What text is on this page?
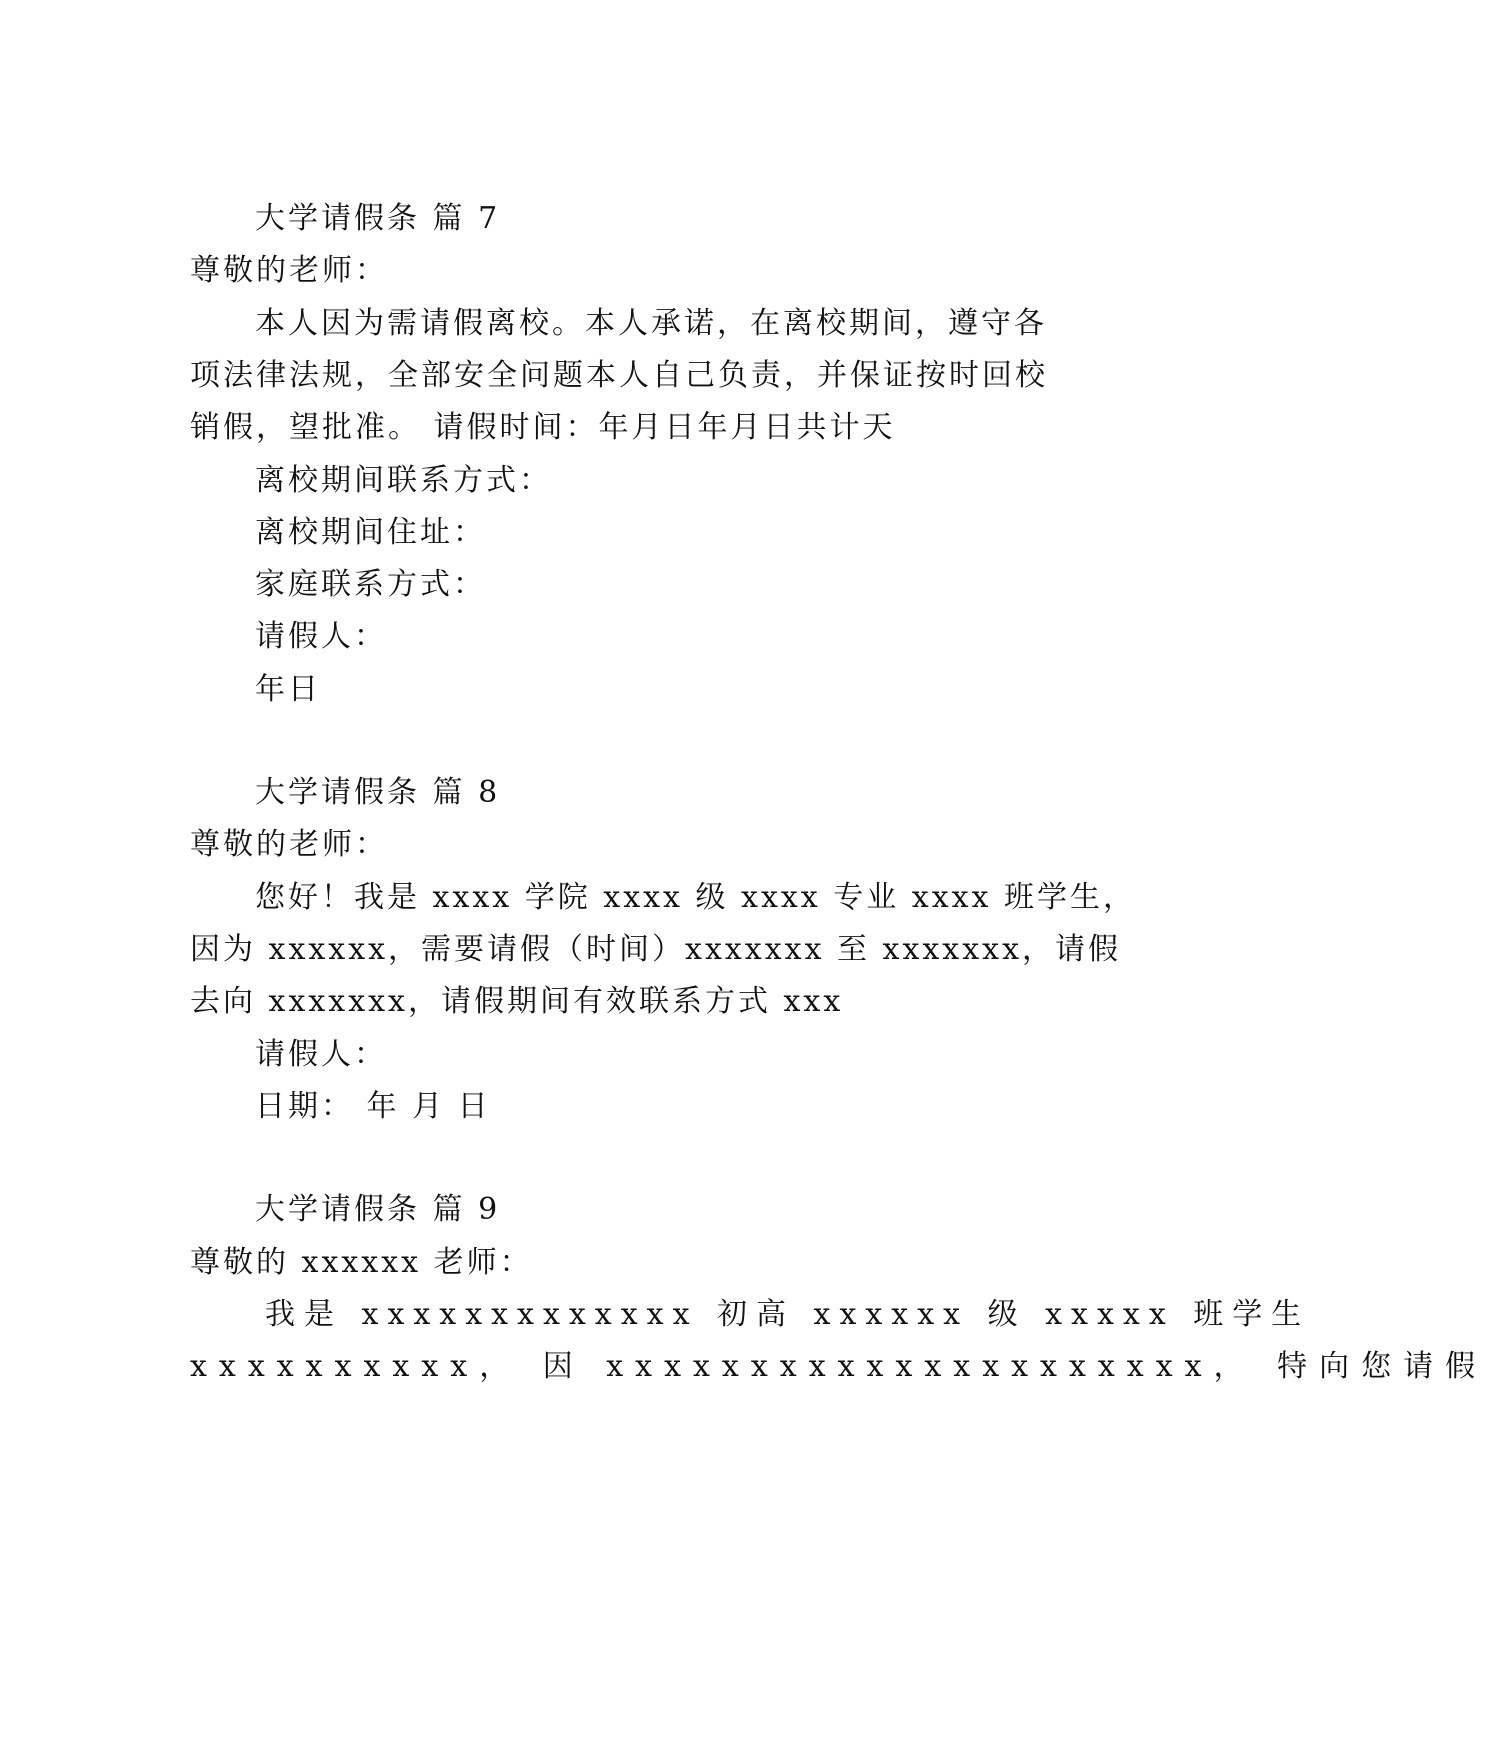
大学请假条 篇 7
尊敬的老师：
本人因为需请假离校。本人承诺，在离校期间，遵守各
项法律法规，全部安全问题本人自己负责，并保证按时回校
销假，望批准。 请假时间：年月日年月日共计天
离校期间联系方式：
离校期间住址：
家庭联系方式：
请假人：
年日
大学请假条 篇 8
尊敬的老师：
您好！我是 xxxx 学院 xxxx 级 xxxx 专业 xxxx 班学生，
因为 xxxxxx，需要请假（时间）xxxxxxx 至 xxxxxxx，请假
去向 xxxxxxx，请假期间有效联系方式 xxx
请假人：
日期： 年 月 日
大学请假条 篇 9
尊敬的 xxxxxx 老师：
我是 xxxxxxxxxxxxx 初高 xxxxxx 级 xxxxx 班学生
xxxxxxxxxx， 因 xxxxxxxxxxxxxxxxxxxxx， 特向您请假
